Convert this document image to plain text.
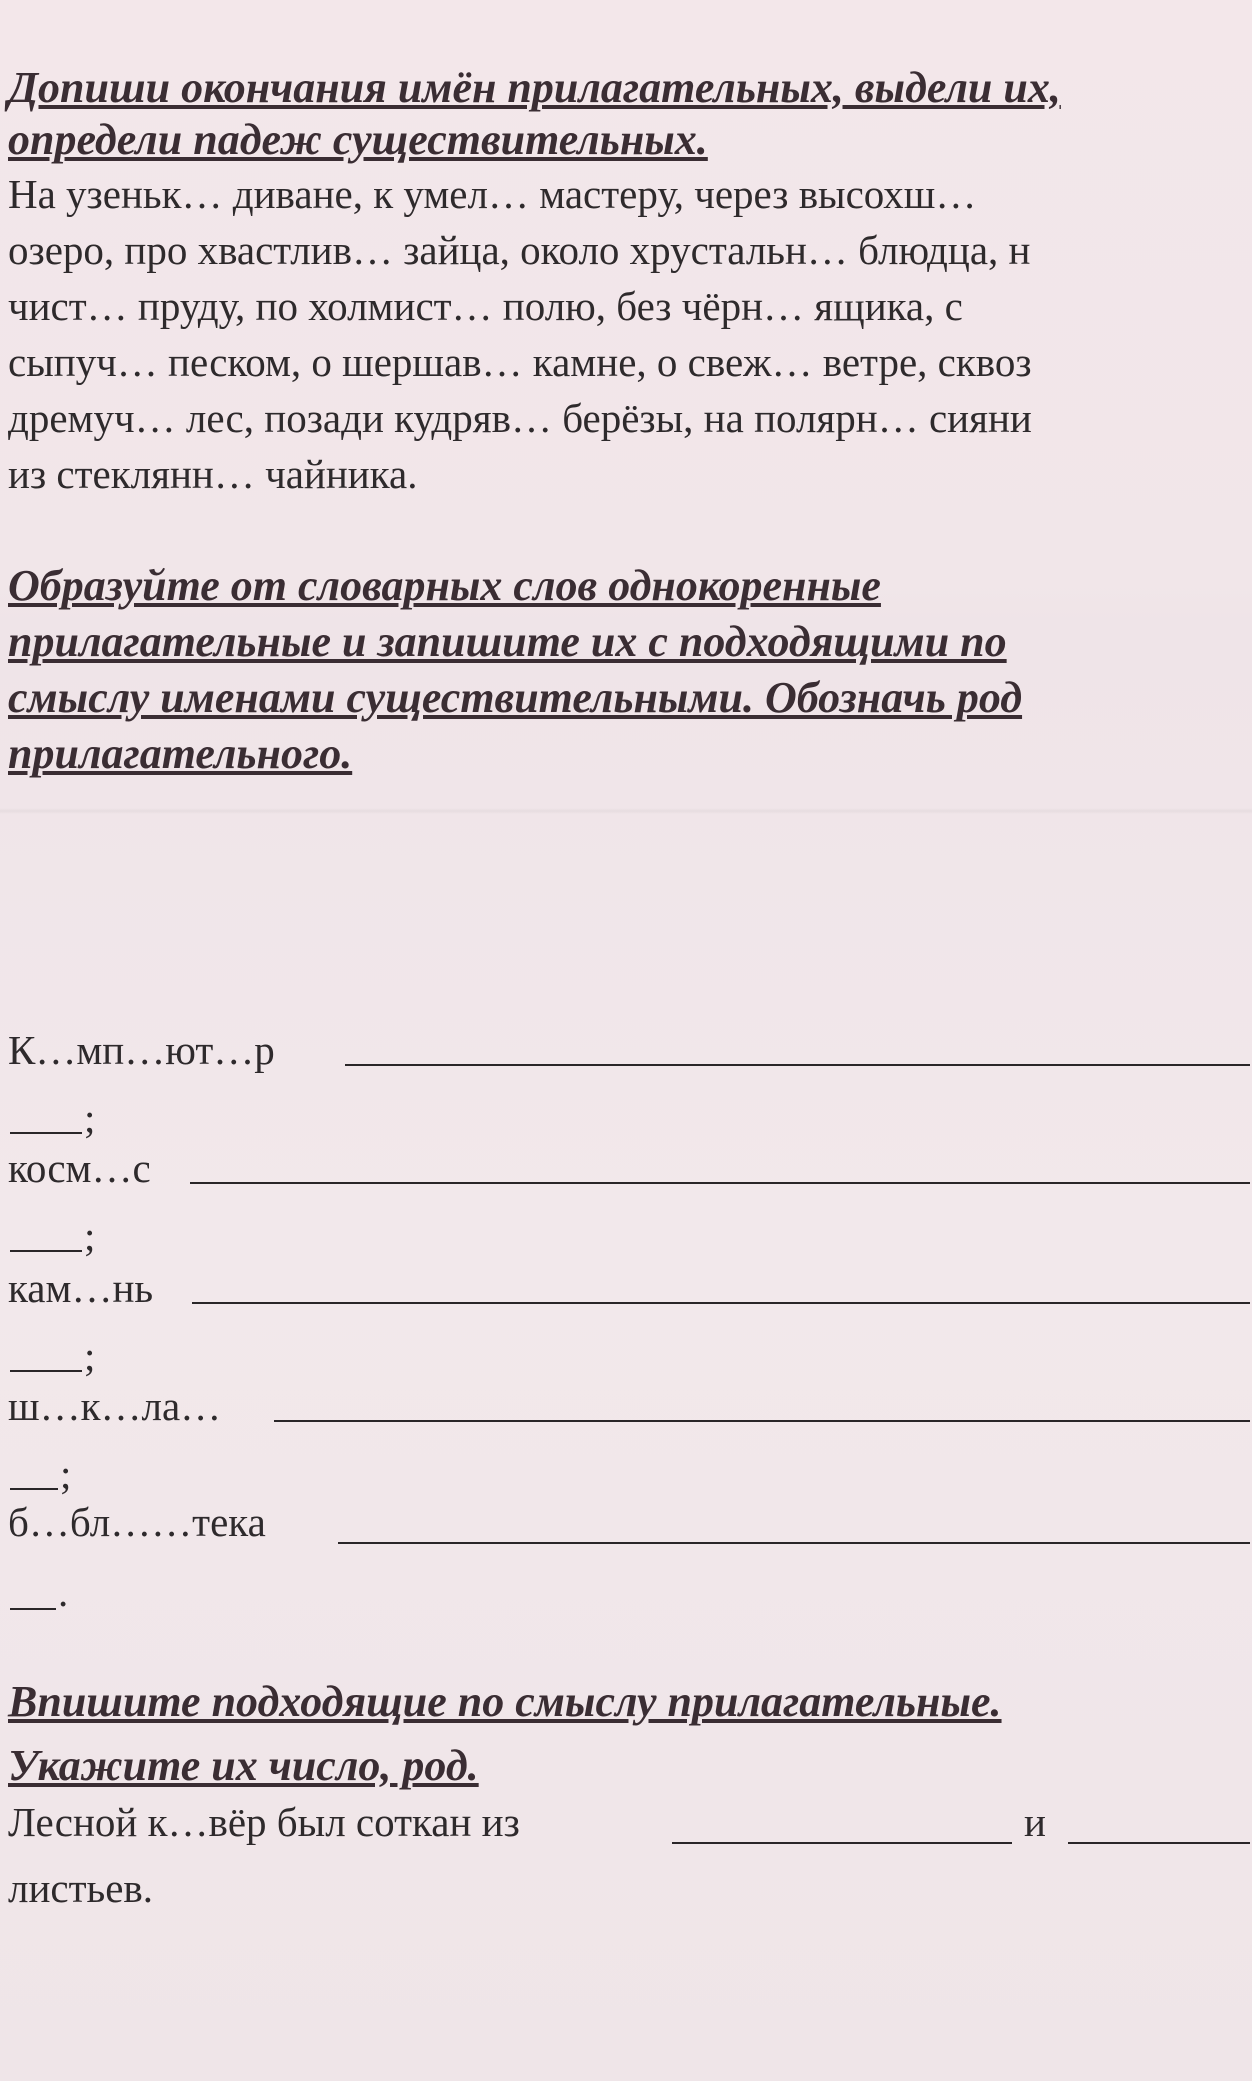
Допиши окончания имён прилагательных, выдели их,
определи падеж существительных.
На узеньк… диване, к умел… мастеру, через высохш…
озеро, про хвастлив… зайца, около хрустальн… блюдца, н
чист… пруду, по холмист… полю, без чёрн… ящика, с
сыпуч… песком, о шершав… камне, о свеж… ветре, сквоз
дремуч… лес, позади кудряв… берёзы, на полярн… сияни
из стеклянн… чайника.
Образуйте от словарных слов однокоренные
прилагательные и запишите их с подходящими по
смыслу именами существительными. Обозначь род
прилагательного.
К…мп…ют…р
;
косм…с
;
кам…нь
;
ш…к…ла…
;
б…бл……тека
.
Впишите подходящие по смыслу прилагательные.
Укажите их число, род.
Лесной к…вёр был соткан из	и
листьев.
